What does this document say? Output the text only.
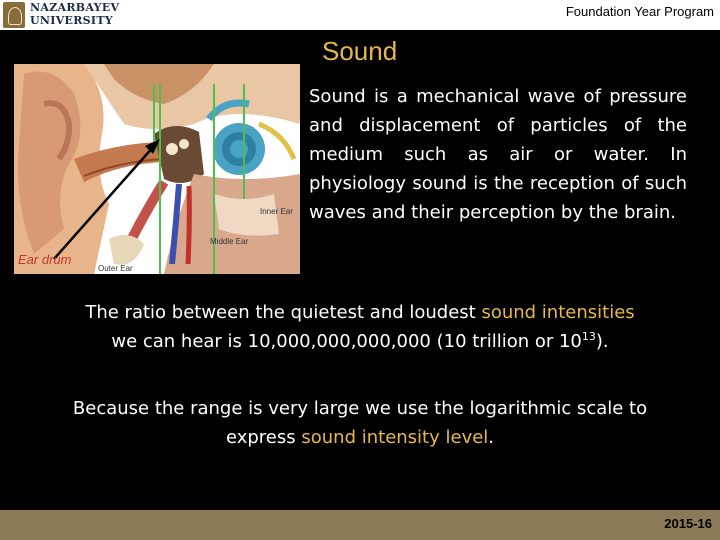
NAZARBAYEV
UNIVERSITY
Foundation Year Program
Sound
Inner Ear
Middle Ear
Outer Ear
Ear drum
Sound is a mechanical wave of pressure and displacement of particles of the medium such as air or water. In physiology sound is the reception of such waves and their perception by the brain.
The ratio between the quietest and loudest sound intensities
we can hear is 10,000,000,000,000 (10 trillion or $10^{13}$).
Because the range is very large we use the logarithmic scale to
express sound intensity level.
2015-16
